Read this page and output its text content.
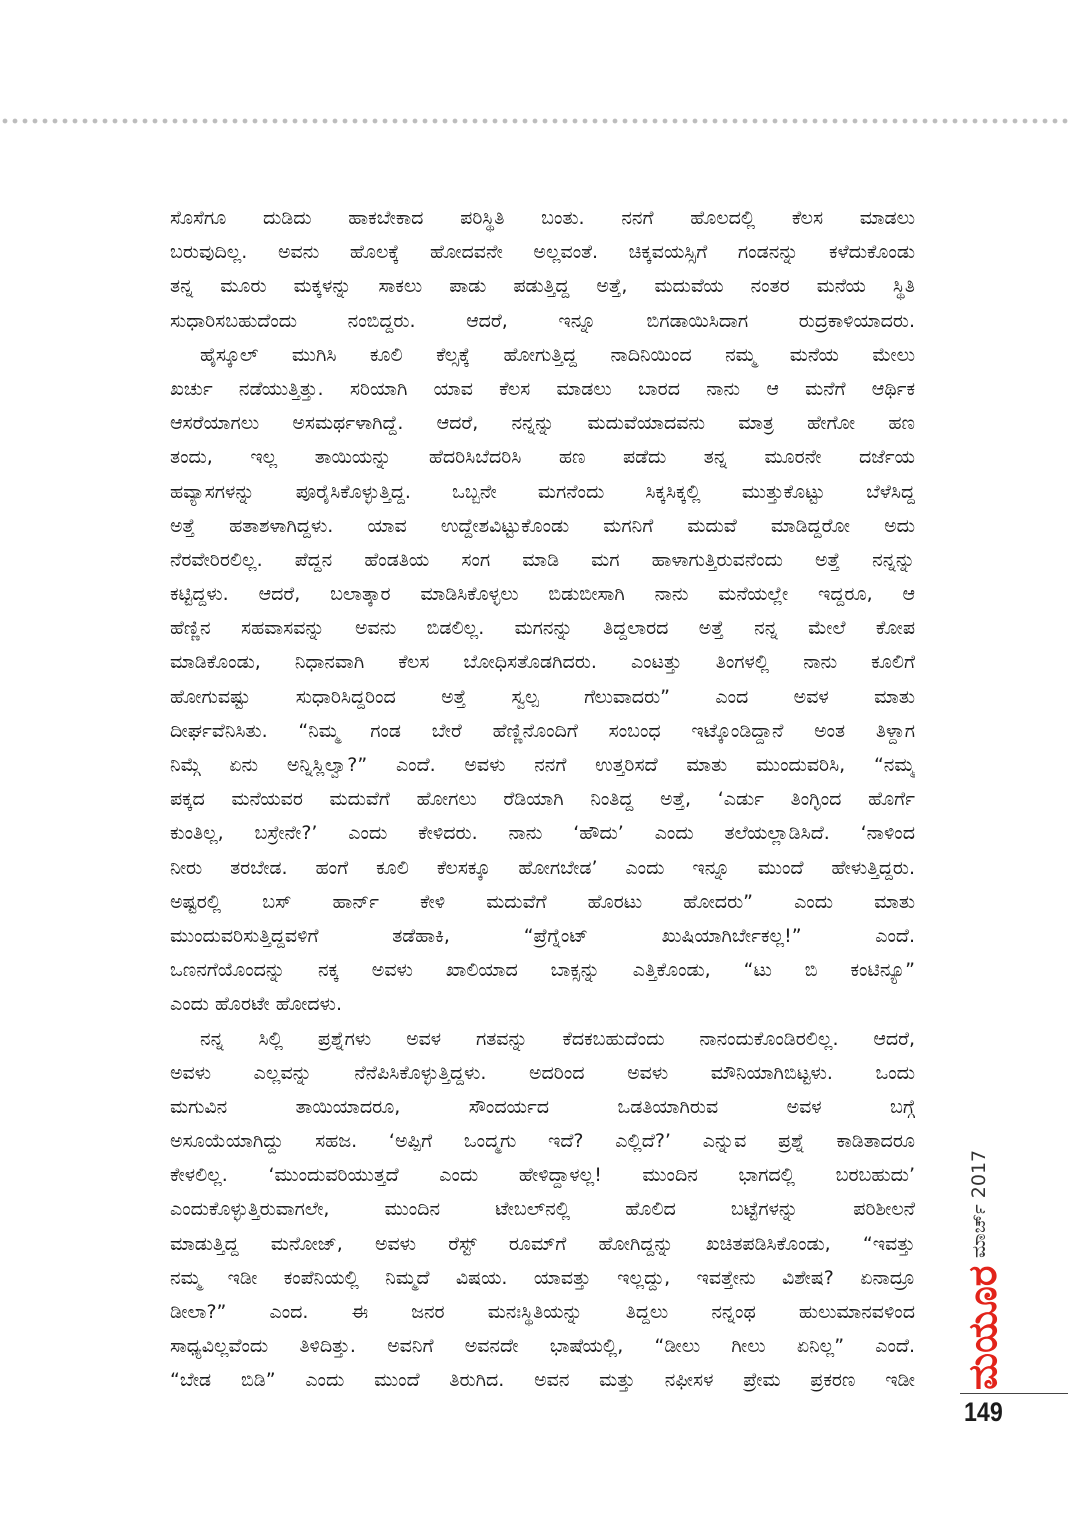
ಸೊಸೆಗೂ ದುಡಿದು ಹಾಕಬೇಕಾದ ಪರಿಸ್ಥಿತಿ ಬಂತು. ನನಗೆ ಹೊಲದಲ್ಲಿ ಕೆಲಸ ಮಾಡಲು
ಬರುವುದಿಲ್ಲ. ಅವನು ಹೊಲಕ್ಕೆ ಹೋದವನೇ ಅಲ್ಲವಂತೆ. ಚಿಕ್ಕವಯಸ್ಸಿಗೆ ಗಂಡನನ್ನು ಕಳೆದುಕೊಂಡು
ತನ್ನ ಮೂರು ಮಕ್ಕಳನ್ನು ಸಾಕಲು ಪಾಡು ಪಡುತ್ತಿದ್ದ ಅತ್ತೆ, ಮದುವೆಯ ನಂತರ ಮನೆಯ ಸ್ಥಿತಿ
ಸುಧಾರಿಸಬಹುದೆಂದು ನಂಬಿದ್ದರು. ಆದರೆ, ಇನ್ನೂ ಬಿಗಡಾಯಿಸಿದಾಗ ರುದ್ರಕಾಳಿಯಾದರು.
ಹೈಸ್ಕೂಲ್ ಮುಗಿಸಿ ಕೂಲಿ ಕೆಲ್ಸಕ್ಕೆ ಹೋಗುತ್ತಿದ್ದ ನಾದಿನಿಯಿಂದ ನಮ್ಮ ಮನೆಯ ಮೇಲು
ಖರ್ಚು ನಡೆಯುತ್ತಿತ್ತು. ಸರಿಯಾಗಿ ಯಾವ ಕೆಲಸ ಮಾಡಲು ಬಾರದ ನಾನು ಆ ಮನೆಗೆ ಆರ್ಥಿಕ
ಆಸರೆಯಾಗಲು ಅಸಮರ್ಥಳಾಗಿದ್ದೆ. ಆದರೆ, ನನ್ನನ್ನು ಮದುವೆಯಾದವನು ಮಾತ್ರ ಹೇಗೋ ಹಣ
ತಂದು, ಇಲ್ಲ ತಾಯಿಯನ್ನು ಹೆದರಿಸಿಬೆದರಿಸಿ ಹಣ ಪಡೆದು ತನ್ನ ಮೂರನೇ ದರ್ಜೆಯ
ಹವ್ಯಾಸಗಳನ್ನು ಪೂರೈಸಿಕೊಳ್ಳುತ್ತಿದ್ದ. ಒಬ್ಬನೇ ಮಗನೆಂದು ಸಿಕ್ಕಸಿಕ್ಕಲ್ಲಿ ಮುತ್ತುಕೊಟ್ಟು ಬೆಳೆಸಿದ್ದ
ಅತ್ತೆ ಹತಾಶಳಾಗಿದ್ದಳು. ಯಾವ ಉದ್ದೇಶವಿಟ್ಟುಕೊಂಡು ಮಗನಿಗೆ ಮದುವೆ ಮಾಡಿದ್ದರೋ ಅದು
ನೆರವೇರಿರಲಿಲ್ಲ. ಪೆದ್ದನ ಹೆಂಡತಿಯ ಸಂಗ ಮಾಡಿ ಮಗ ಹಾಳಾಗುತ್ತಿರುವನೆಂದು ಅತ್ತೆ ನನ್ನನ್ನು
ಕಟ್ಟಿದ್ದಳು. ಆದರೆ, ಬಲಾತ್ಕಾರ ಮಾಡಿಸಿಕೊಳ್ಳಲು ಬಿಡುಬೀಸಾಗಿ ನಾನು ಮನೆಯಲ್ಲೇ ಇದ್ದರೂ, ಆ
ಹೆಣ್ಣಿನ ಸಹವಾಸವನ್ನು ಅವನು ಬಿಡಲಿಲ್ಲ. ಮಗನನ್ನು ತಿದ್ದಲಾರದ ಅತ್ತೆ ನನ್ನ ಮೇಲೆ ಕೋಪ
ಮಾಡಿಕೊಂಡು, ನಿಧಾನವಾಗಿ ಕೆಲಸ ಬೋಧಿಸತೊಡಗಿದರು. ಎಂಟತ್ತು ತಿಂಗಳಲ್ಲಿ ನಾನು ಕೂಲಿಗೆ
ಹೋಗುವಷ್ಟು ಸುಧಾರಿಸಿದ್ದರಿಂದ ಅತ್ತೆ ಸ್ವಲ್ಪ ಗೆಲುವಾದರು” ಎಂದ ಅವಳ ಮಾತು
ದೀರ್ಘವೆನಿಸಿತು. “ನಿಮ್ಮ ಗಂಡ ಬೇರೆ ಹೆಣ್ಣಿನೊಂದಿಗೆ ಸಂಬಂಧ ಇಟ್ಕೊಂಡಿದ್ದಾನೆ ಅಂತ ತಿಳ್ದಾಗ
ನಿಮ್ಗೆ ಏನು ಅನ್ನಿಸ್ಲಿಲ್ವಾ?” ಎಂದೆ. ಅವಳು ನನಗೆ ಉತ್ತರಿಸದೆ ಮಾತು ಮುಂದುವರಿಸಿ, “ನಮ್ಮ
ಪಕ್ಕದ ಮನೆಯವರ ಮದುವೆಗೆ ಹೋಗಲು ರೆಡಿಯಾಗಿ ನಿಂತಿದ್ದ ಅತ್ತೆ, ‘ಎರ್ಡು ತಿಂಗ್ಳಿಂದ ಹೊರ್ಗೆ
ಕುಂತಿಲ್ಲ, ಬಸ್ರೇನೇ?’ ಎಂದು ಕೇಳಿದರು. ನಾನು ‘ಹೌದು’ ಎಂದು ತಲೆಯಲ್ಲಾಡಿಸಿದೆ. ‘ನಾಳಿಂದ
ನೀರು ತರಬೇಡ. ಹಂಗೆ ಕೂಲಿ ಕೆಲಸಕ್ಕೂ ಹೋಗಬೇಡ’ ಎಂದು ಇನ್ನೂ ಮುಂದೆ ಹೇಳುತ್ತಿದ್ದರು.
ಅಷ್ಟರಲ್ಲಿ ಬಸ್ ಹಾರ್ನ್ ಕೇಳಿ ಮದುವೆಗೆ ಹೊರಟು ಹೋದರು” ಎಂದು ಮಾತು
ಮುಂದುವರಿಸುತ್ತಿದ್ದವಳಿಗೆ ತಡೆಹಾಕಿ, “ಪ್ರೆಗ್ನೆಂಟ್ ಖುಷಿಯಾಗಿರ್ಬೇಕಲ್ಲ!” ಎಂದೆ.
ಒಣನಗೆಯೊಂದನ್ನು ನಕ್ಕ ಅವಳು ಖಾಲಿಯಾದ ಬಾಕ್ಸನ್ನು ಎತ್ತಿಕೊಂಡು, “ಟು ಬಿ ಕಂಟಿನ್ಯೂ”
ಎಂದು ಹೊರಟೇ ಹೋದಳು.
ನನ್ನ ಸಿಲ್ಲಿ ಪ್ರಶ್ನೆಗಳು ಅವಳ ಗತವನ್ನು ಕೆದಕಬಹುದೆಂದು ನಾನಂದುಕೊಂಡಿರಲಿಲ್ಲ. ಆದರೆ,
ಅವಳು ಎಲ್ಲವನ್ನು ನೆನೆಪಿಸಿಕೊಳ್ಳುತ್ತಿದ್ದಳು. ಅದರಿಂದ ಅವಳು ಮೌನಿಯಾಗಿಬಿಟ್ಟಳು. ಒಂದು
ಮಗುವಿನ ತಾಯಿಯಾದರೂ, ಸೌಂದರ್ಯದ ಒಡತಿಯಾಗಿರುವ ಅವಳ ಬಗ್ಗೆ
ಅಸೂಯೆಯಾಗಿದ್ದು ಸಹಜ. ‘ಅಪ್ಪಿಗೆ ಒಂದ್ಮಗು ಇದೆ? ಎಲ್ಲಿದೆ?’ ಎನ್ನುವ ಪ್ರಶ್ನೆ ಕಾಡಿತಾದರೂ
ಕೇಳಲಿಲ್ಲ. ‘ಮುಂದುವರಿಯುತ್ತದೆ ಎಂದು ಹೇಳಿದ್ದಾಳಲ್ಲ! ಮುಂದಿನ ಭಾಗದಲ್ಲಿ ಬರಬಹುದು’
ಎಂದುಕೊಳ್ಳುತ್ತಿರುವಾಗಲೇ, ಮುಂದಿನ ಟೇಬಲ್‌ನಲ್ಲಿ ಹೊಲಿದ ಬಟ್ಟೆಗಳನ್ನು ಪರಿಶೀಲನೆ
ಮಾಡುತ್ತಿದ್ದ ಮನೋಜ್, ಅವಳು ರೆಸ್ಟ್ ರೂಮ್‌ಗೆ ಹೋಗಿದ್ದನ್ನು ಖಚಿತಪಡಿಸಿಕೊಂಡು, “ಇವತ್ತು
ನಮ್ಮ ಇಡೀ ಕಂಪೆನಿಯಲ್ಲಿ ನಿಮ್ಮದೆ ವಿಷಯ. ಯಾವತ್ತು ಇಲ್ಲದ್ದು, ಇವತ್ತೇನು ವಿಶೇಷ? ಏನಾದ್ರೂ
ಡೀಲಾ?” ಎಂದ. ಈ ಜನರ ಮನಃಸ್ಥಿತಿಯನ್ನು ತಿದ್ದಲು ನನ್ನಂಥ ಹುಲುಮಾನವಳಿಂದ
ಸಾಧ್ಯವಿಲ್ಲವೆಂದು ತಿಳಿದಿತ್ತು. ಅವನಿಗೆ ಅವನದೇ ಭಾಷೆಯಲ್ಲಿ, “ಡೀಲು ಗೀಲು ಏನಿಲ್ಲ” ಎಂದೆ.
“ಬೇಡ ಬಿಡಿ” ಎಂದು ಮುಂದೆ ತಿರುಗಿದ. ಅವನ ಮತ್ತು ನಫೀಸಳ ಪ್ರೇಮ ಪ್ರಕರಣ ಇಡೀ
ಮಾರ್ಚ್ 2017
ಮಯೂರ
149
